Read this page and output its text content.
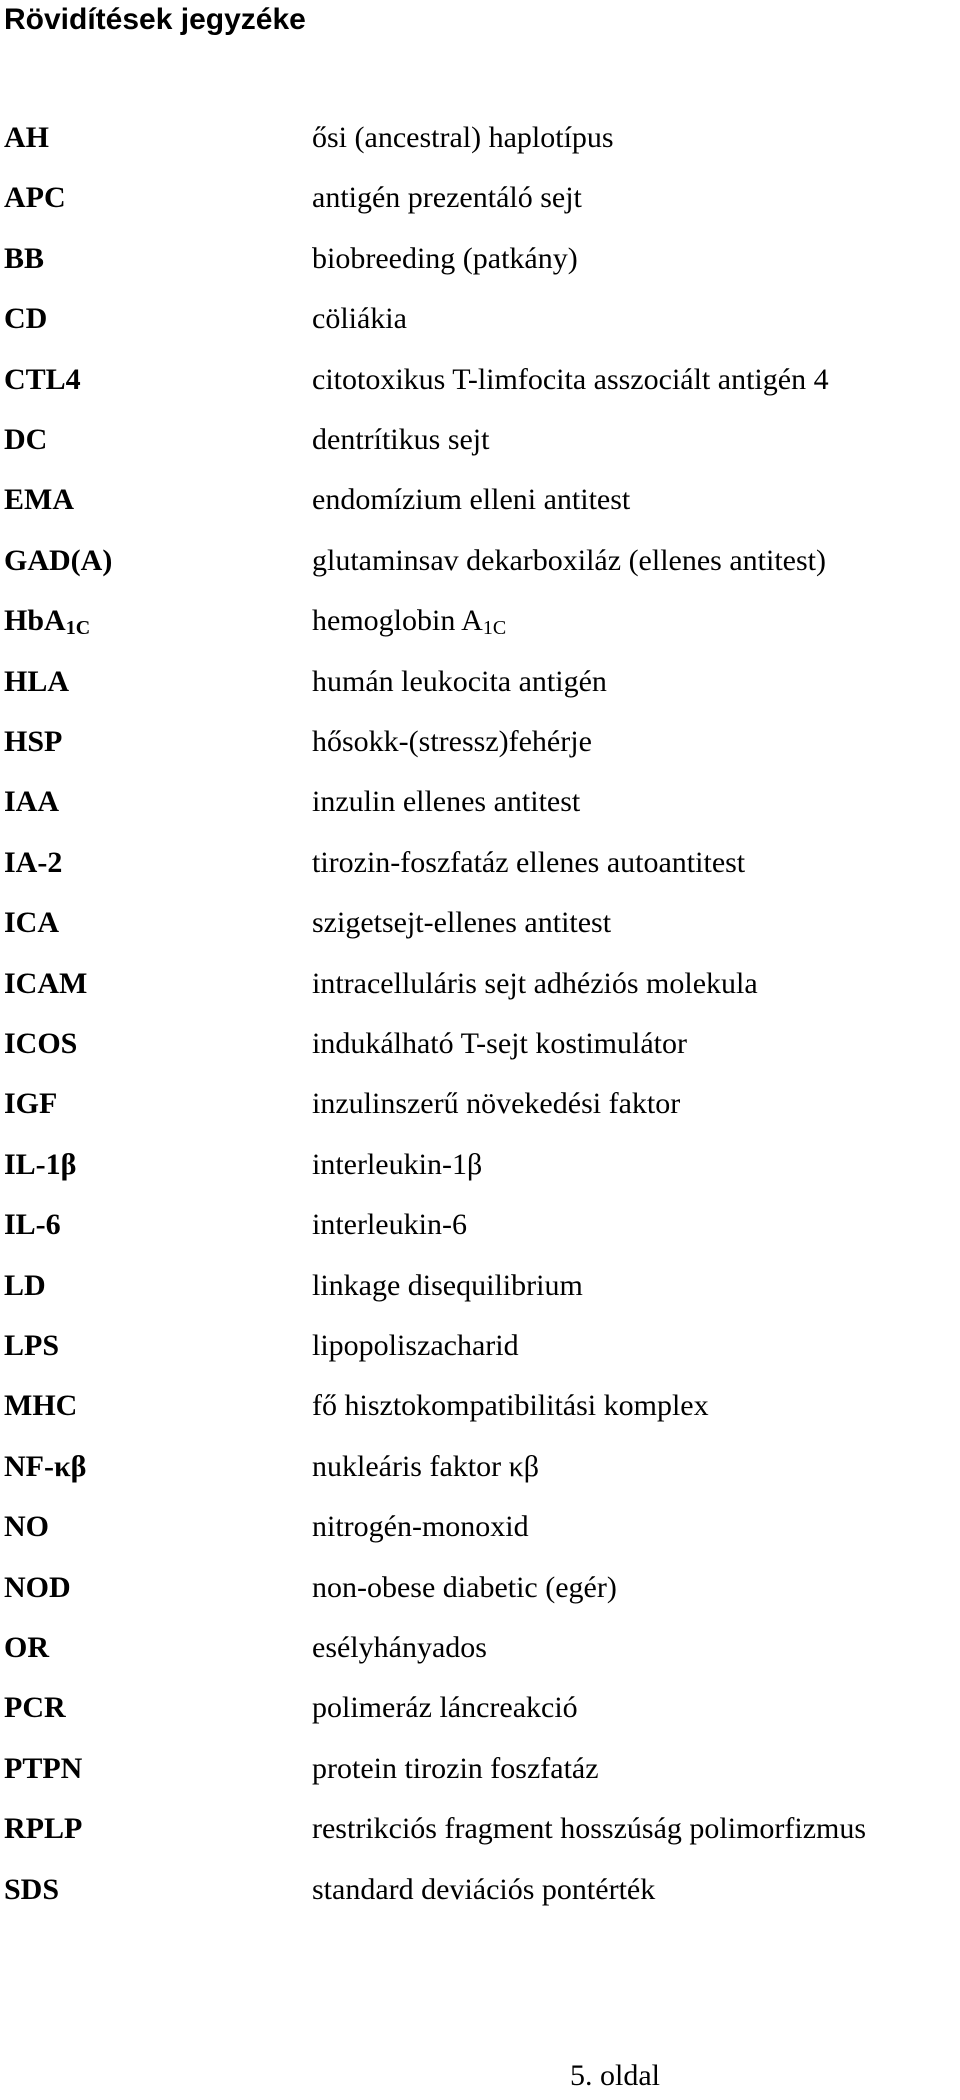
Rövidítések jegyzéke
AH	ősi (ancestral) haplotípus
APC	antigén prezentáló sejt
BB	biobreeding (patkány)
CD	cöliákia
CTL4	citotoxikus T-limfocita asszociált antigén 4
DC	dentrítikus sejt
EMA	endomízium elleni antitest
GAD(A)	glutaminsav dekarboxiláz (ellenes antitest)
HbA$_{1C}$	hemoglobin $A_{1C}$
HLA	humán leukocita antigén
HSP	hősokk-(stressz)fehérje
IAA	inzulin ellenes antitest
IA-2	tirozin-foszfatáz ellenes autoantitest
ICA	szigetsejt-ellenes antitest
ICAM	intracelluláris sejt adhéziós molekula
ICOS	indukálható T-sejt kostimulátor
IGF	inzulinszerű növekedési faktor
IL-1β	interleukin-1β
IL-6	interleukin-6
LD	linkage disequilibrium
LPS	lipopoliszacharid
MHC	fő hisztokompatibilitási komplex
NF-κβ	nukleáris faktor κβ
NO	nitrogén-monoxid
NOD	non-obese diabetic (egér)
OR	esélyhányados
PCR	polimeráz láncreakció
PTPN	protein tirozin foszfatáz
RPLP	restrikciós fragment hosszúság polimorfizmus
SDS	standard deviációs pontérték
5. oldal
